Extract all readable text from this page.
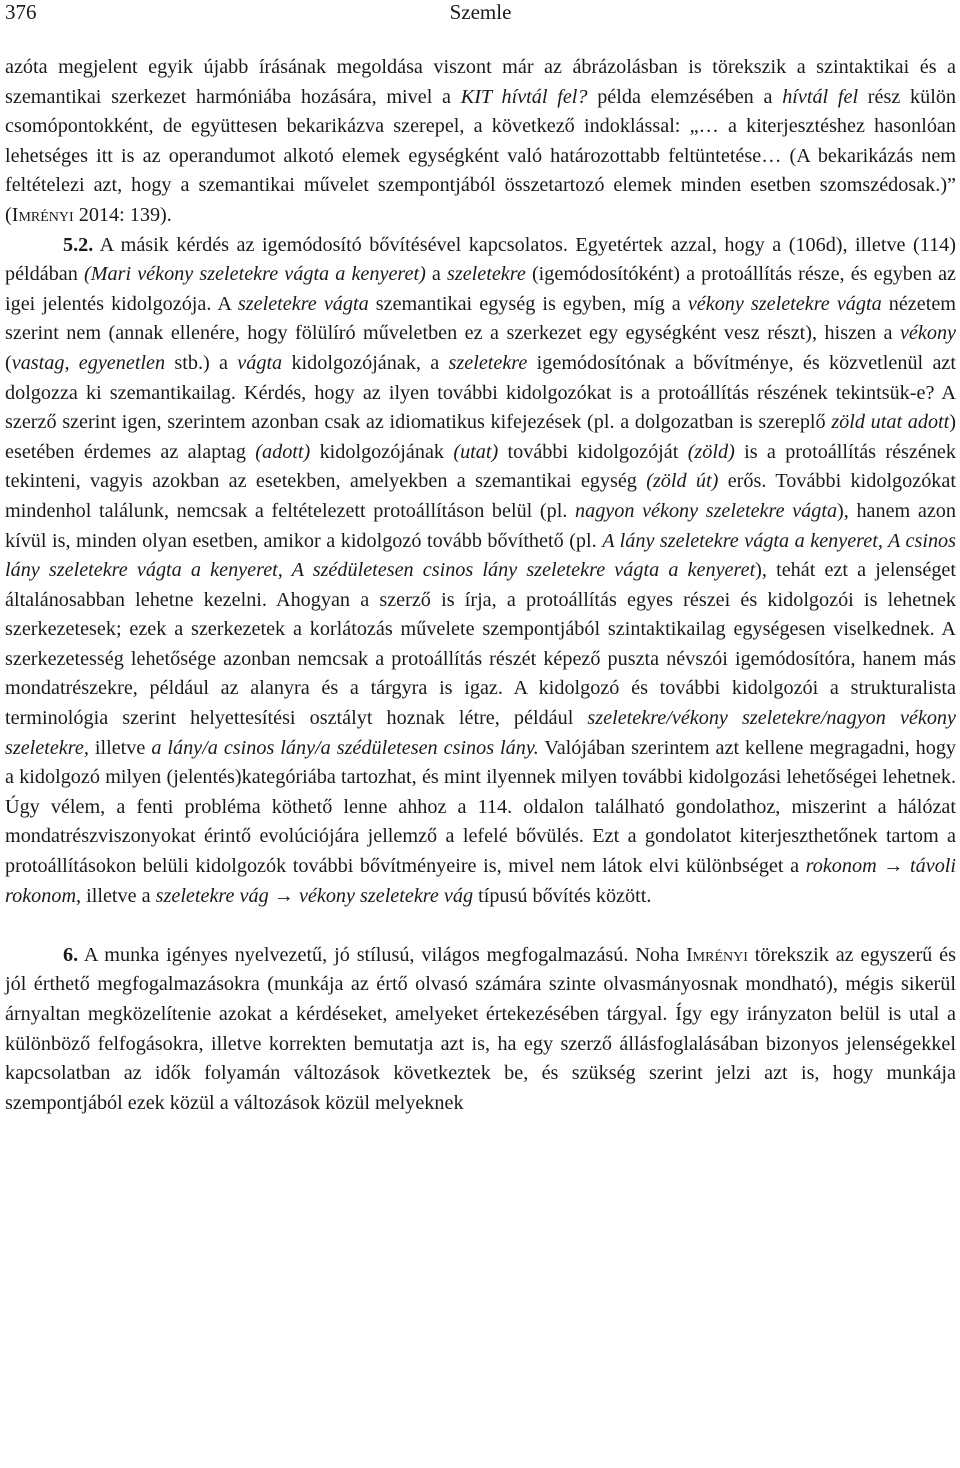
376	Szemle

azóta megjelent egyik újabb írásának megoldása viszont már az ábrázolásban is törekszik a szintaktikai és a szemantikai szerkezet harmóniába hozására, mivel a KIT hívtál fel? példa elemzésében a hívtál fel rész külön csomópontokként, de együttesen bekarikázva szerepel, a következő indoklással: „… a kiterjesztéshez hasonlóan lehetséges itt is az operandumot alkotó elemek egységként való határozottabb feltüntetése… (A bekarikázás nem feltételezi azt, hogy a szemantikai művelet szempontjából összetartozó elemek minden esetben szomszédosak.)” (Imrényi 2014: 139).

5.2. A másik kérdés az igemódosító bővítésével kapcsolatos. Egyetértek azzal, hogy a (106d), illetve (114) példában (Mari vékony szeletekre vágta a kenyeret) a szeletekre (igemódosítóként) a protoállítás része, és egyben az igei jelentés kidolgozója. A szeletekre vágta szemantikai egység is egyben, míg a vékony szeletekre vágta nézetem szerint nem (annak ellenére, hogy fölülíró műveletben ez a szerkezet egy egységként vesz részt), hiszen a vékony (vastag, egyenetlen stb.) a vágta kidolgozójának, a szeletekre igemódosítónak a bővítménye, és közvetlenül azt dolgozza ki szemantikailag. Kérdés, hogy az ilyen további kidolgozókat is a protoállítás részének tekintsük-e? A szerző szerint igen, szerintem azonban csak az idiomatikus kifejezések (pl. a dolgozatban is szereplő zöld utat adott) esetében érdemes az alaptag (adott) kidolgozójának (utat) további kidolgozóját (zöld) is a protoállítás részének tekinteni, vagyis azokban az esetekben, amelyekben a szemantikai egység (zöld út) erős. További kidolgozókat mindenhol találunk, nemcsak a feltételezett protoállításon belül (pl. nagyon vékony szeletekre vágta), hanem azon kívül is, minden olyan esetben, amikor a kidolgozó tovább bővíthető (pl. A lány szeletekre vágta a kenyeret, A csinos lány szeletekre vágta a kenyeret, A szédületesen csinos lány szeletekre vágta a kenyeret), tehát ezt a jelenséget általánosabban lehetne kezelni. Ahogyan a szerző is írja, a protoállítás egyes részei és kidolgozói is lehetnek szerkezetesek; ezek a szerkezetek a korlátozás művelete szempontjából szintaktikailag egységesen viselkednek. A szerkezetesség lehetősége azonban nemcsak a protoállítás részét képező puszta névszói igemódosítóra, hanem más mondatrészekre, például az alanyra és a tárgyra is igaz. A kidolgozó és további kidolgozói a strukturalista terminológia szerint helyettesítési osztályt hoznak létre, például szeletekre/vékony szeletekre/nagyon vékony szeletekre, illetve a lány/a csinos lány/a szédületesen csinos lány. Valójában szerintem azt kellene megragadni, hogy a kidolgozó milyen (jelentés)kategóriába tartozhat, és mint ilyennek milyen további kidolgozási lehetőségei lehetnek. Úgy vélem, a fenti probléma köthető lenne ahhoz a 114. oldalon található gondolathoz, miszerint a hálózat mondatrészviszonyokat érintő evolúciójára jellemző a lefelé bővülés. Ezt a gondolatot kiterjeszthetőnek tartom a protoállításokon belüli kidolgozók további bővítményeire is, mivel nem látok elvi különbséget a rokonom → távoli rokonom, illetve a szeletekre vág → vékony szeletekre vág típusú bővítés között.

6. A munka igényes nyelvezetű, jó stílusú, világos megfogalmazású. Noha Imrényi törekszik az egyszerű és jól érthető megfogalmazásokra (munkája az értő olvasó számára szinte olvasmányosnak mondható), mégis sikerül árnyaltan megközelítenie azokat a kérdéseket, amelyeket értekezésében tárgyal. Így egy irányzaton belül is utal a különböző felfogásokra, illetve korrekten bemutatja azt is, ha egy szerző állásfoglalásában bizonyos jelenségekkel kapcsolatban az idők folyamán változások következtek be, és szükség szerint jelzi azt is, hogy munkája szempontjából ezek közül a változások közül melyeknek
